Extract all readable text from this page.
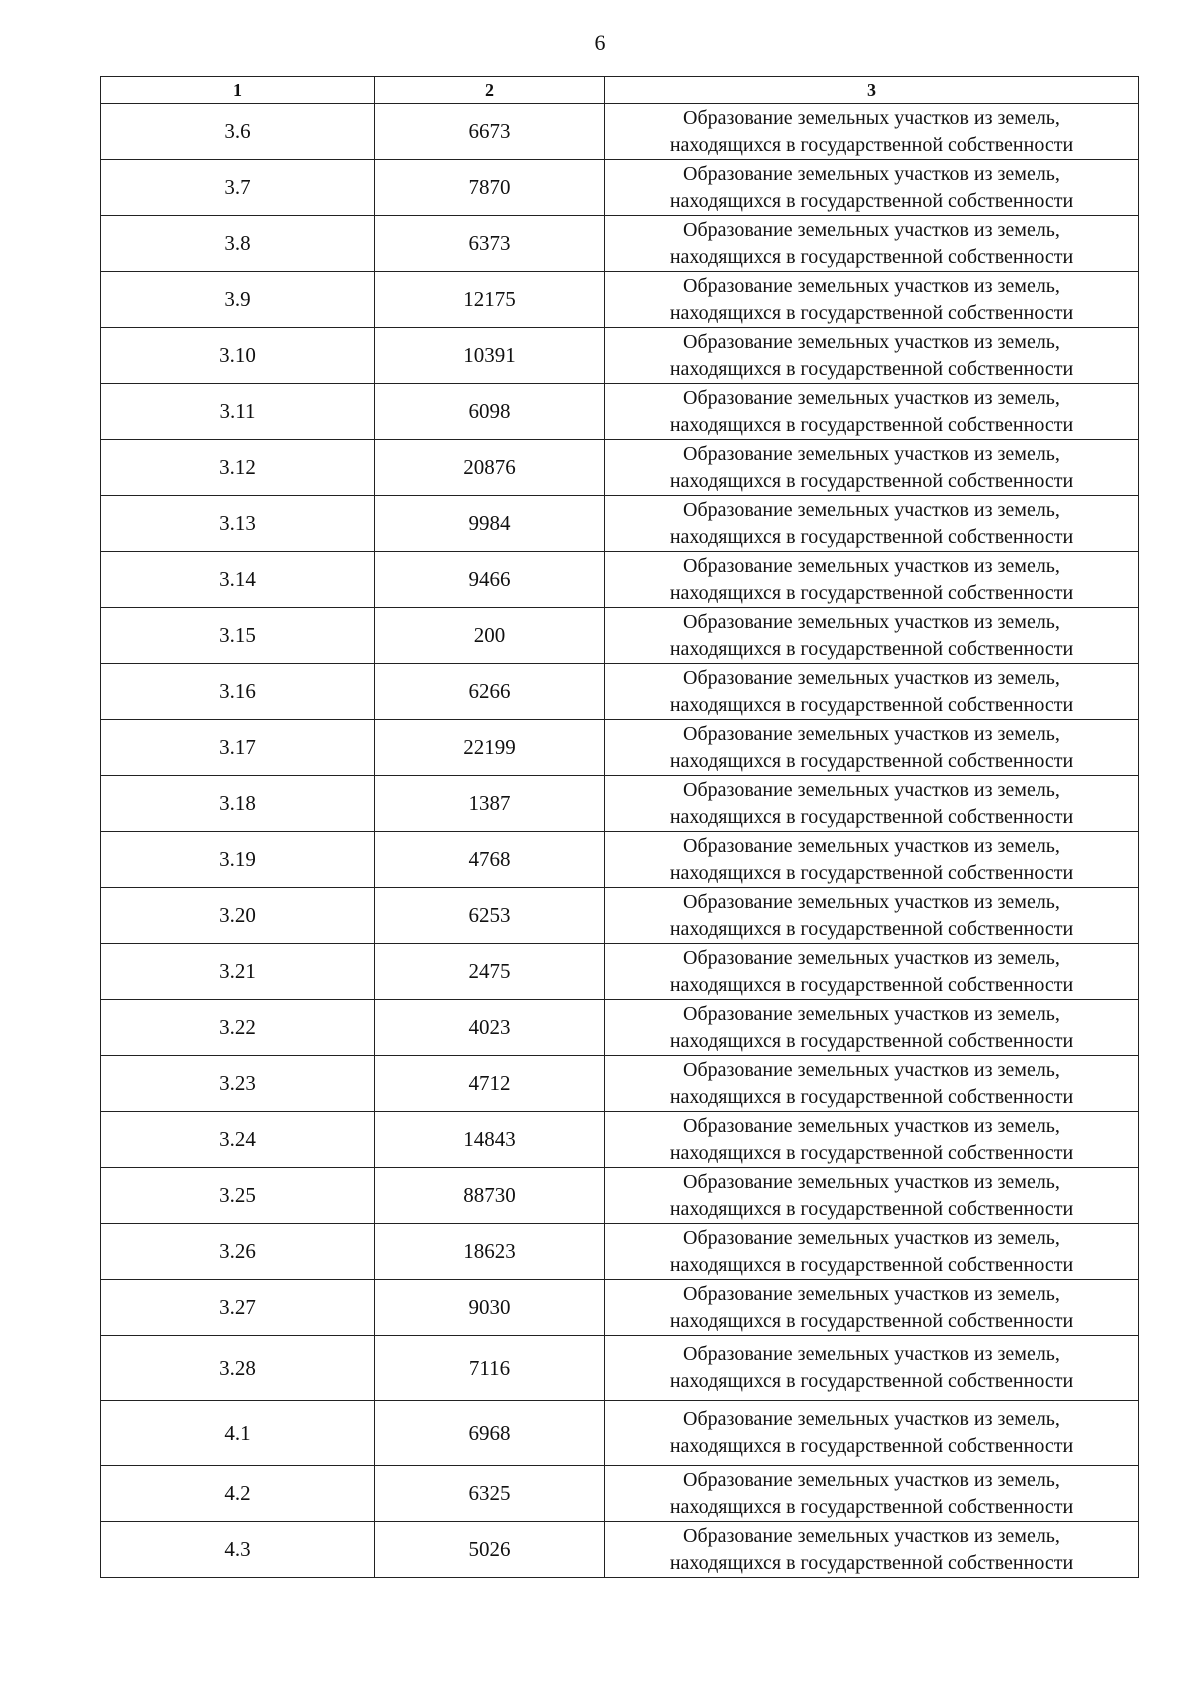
6
1	2	3
3.6	6673	Образование земельных участков из земель,
находящихся в государственной собственности

3.7	7870	Образование земельных участков из земель,
находящихся в государственной собственности

3.8	6373	Образование земельных участков из земель,
находящихся в государственной собственности

3.9	12175	Образование земельных участков из земель,
находящихся в государственной собственности

3.10	10391	Образование земельных участков из земель,
находящихся в государственной собственности

3.11	6098	Образование земельных участков из земель,
находящихся в государственной собственности

3.12	20876	Образование земельных участков из земель,
находящихся в государственной собственности

3.13	9984	Образование земельных участков из земель,
находящихся в государственной собственности

3.14	9466	Образование земельных участков из земель,
находящихся в государственной собственности

3.15	200	Образование земельных участков из земель,
находящихся в государственной собственности

3.16	6266	Образование земельных участков из земель,
находящихся в государственной собственности

3.17	22199	Образование земельных участков из земель,
находящихся в государственной собственности

3.18	1387	Образование земельных участков из земель,
находящихся в государственной собственности

3.19	4768	Образование земельных участков из земель,
находящихся в государственной собственности

3.20	6253	Образование земельных участков из земель,
находящихся в государственной собственности

3.21	2475	Образование земельных участков из земель,
находящихся в государственной собственности

3.22	4023	Образование земельных участков из земель,
находящихся в государственной собственности

3.23	4712	Образование земельных участков из земель,
находящихся в государственной собственности

3.24	14843	Образование земельных участков из земель,
находящихся в государственной собственности

3.25	88730	Образование земельных участков из земель,
находящихся в государственной собственности

3.26	18623	Образование земельных участков из земель,
находящихся в государственной собственности

3.27	9030	Образование земельных участков из земель,
находящихся в государственной собственности

3.28	7116	Образование земельных участков из земель,
находящихся в государственной собственности

4.1	6968	Образование земельных участков из земель,
находящихся в государственной собственности

4.2	6325	Образование земельных участков из земель,
находящихся в государственной собственности

4.3	5026	Образование земельных участков из земель,
находящихся в государственной собственности
